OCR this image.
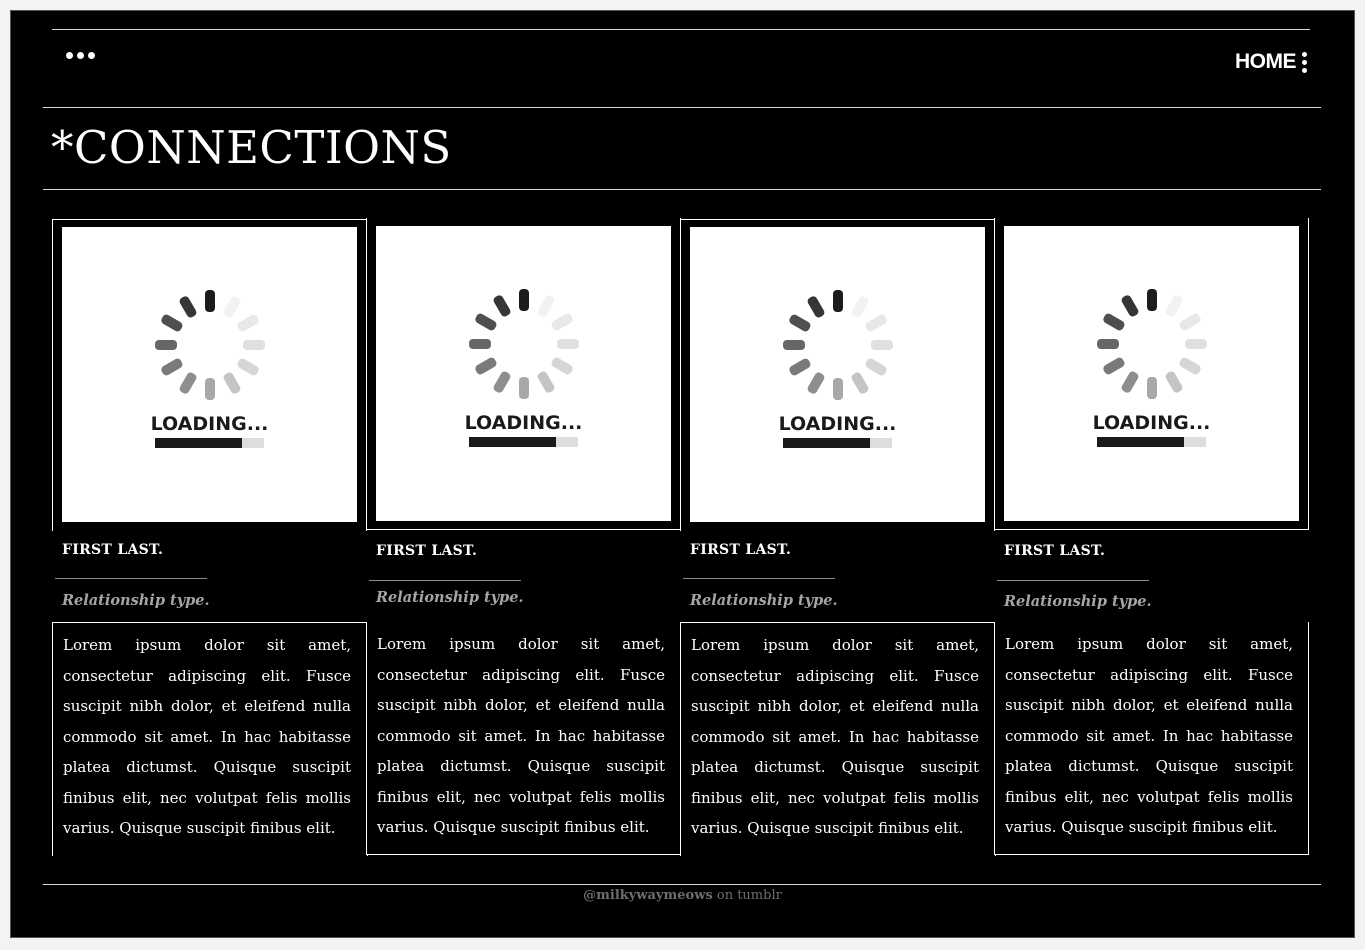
HOME
*CONNECTIONS
LOADING...
FIRST LAST.
Relationship type.

Lorem ipsum dolor sit amet, consectetur adipiscing elit. Fusce suscipit nibh dolor, et eleifend nulla commodo sit amet. In hac habitasse platea dictumst. Quisque suscipit finibus elit, nec volutpat felis mollis varius. Quisque suscipit finibus elit.

LOADING...
FIRST LAST.
Relationship type.

Lorem ipsum dolor sit amet, consectetur adipiscing elit. Fusce suscipit nibh dolor, et eleifend nulla commodo sit amet. In hac habitasse platea dictumst. Quisque suscipit finibus elit, nec volutpat felis mollis varius. Quisque suscipit finibus elit.

LOADING...
FIRST LAST.
Relationship type.

Lorem ipsum dolor sit amet, consectetur adipiscing elit. Fusce suscipit nibh dolor, et eleifend nulla commodo sit amet. In hac habitasse platea dictumst. Quisque suscipit finibus elit, nec volutpat felis mollis varius. Quisque suscipit finibus elit.

LOADING...
FIRST LAST.
Relationship type.

Lorem ipsum dolor sit amet, consectetur adipiscing elit. Fusce suscipit nibh dolor, et eleifend nulla commodo sit amet. In hac habitasse platea dictumst. Quisque suscipit finibus elit, nec volutpat felis mollis varius. Quisque suscipit finibus elit.

@milkywaymeows on tumblr
